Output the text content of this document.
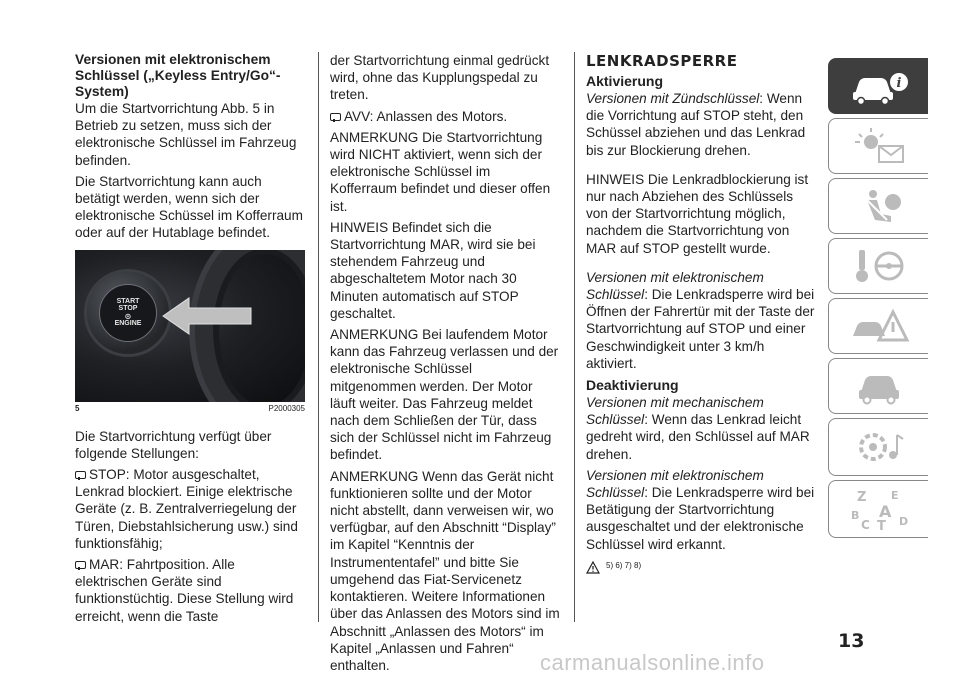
Versionen mit elektronischem Schlüssel („Keyless Entry/Go“-System)

Um die Startvorrichtung Abb. 5 in Betrieb zu setzen, muss sich der elektronische Schlüssel im Fahrzeug befinden.

Die Startvorrichtung kann auch betätigt werden, wenn sich der elektronische Schüssel im Kofferraum oder auf der Hutablage befindet.

START
STOP
⊙
ENGINE
5	P2000305

Die Startvorrichtung verfügt über folgende Stellungen:

STOP: Motor ausgeschaltet, Lenkrad blockiert. Einige elektrische Geräte (z. B. Zentralverriegelung der Türen, Diebstahlsicherung usw.) sind funktionsfähig;

MAR: Fahrtposition. Alle elektrischen Geräte sind funktionstüchtig. Diese Stellung wird erreicht, wenn die Taste

der Startvorrichtung einmal gedrückt wird, ohne das Kupplungspedal zu treten.

AVV: Anlassen des Motors.

ANMERKUNG Die Startvorrichtung wird NICHT aktiviert, wenn sich der elektronische Schlüssel im Kofferraum befindet und dieser offen ist.

HINWEIS Befindet sich die Startvorrichtung MAR, wird sie bei stehendem Fahrzeug und abgeschaltetem Motor nach 30 Minuten automatisch auf STOP geschaltet.

ANMERKUNG Bei laufendem Motor kann das Fahrzeug verlassen und der elektronische Schlüssel mitgenommen werden. Der Motor läuft weiter. Das Fahrzeug meldet nach dem Schließen der Tür, dass sich der Schlüssel nicht im Fahrzeug befindet.

ANMERKUNG Wenn das Gerät nicht funktionieren sollte und der Motor nicht abstellt, dann verweisen wir, wo verfügbar, auf den Abschnitt “Display” im Kapitel “Kenntnis der Instrumententafel” und bitte Sie umgehend das Fiat-Servicenetz kontaktieren. Weitere Informationen über das Anlassen des Motors sind im Abschnitt „Anlassen des Motors“ im Kapitel „Anlassen und Fahren“ enthalten.

LENKRADSPERRE
Aktivierung

Versionen mit Zündschlüssel: Wenn die Vorrichtung auf STOP steht, den Schüssel abziehen und das Lenkrad bis zur Blockierung drehen.

HINWEIS Die Lenkradblockierung ist nur nach Abziehen des Schlüssels von der Startvorrichtung möglich, nachdem die Startvorrichtung von MAR auf STOP gestellt wurde.

Versionen mit elektronischem Schlüssel: Die Lenkradsperre wird bei Öffnen der Fahrertür mit der Taste der Startvorrichtung auf STOP und einer Geschwindigkeit unter 3 km/h aktiviert.

Deaktivierung

Versionen mit mechanischem Schlüssel: Wenn das Lenkrad leicht gedreht wird, den Schlüssel auf MAR drehen.

Versionen mit elektronischem Schlüssel: Die Lenkradsperre wird bei Betätigung der Startvorrichtung ausgeschaltet und der elektronische Schlüssel wird erkannt.

5) 6) 7) 8)
i
Z E
B A
C T D
13
carmanualsonline.info
